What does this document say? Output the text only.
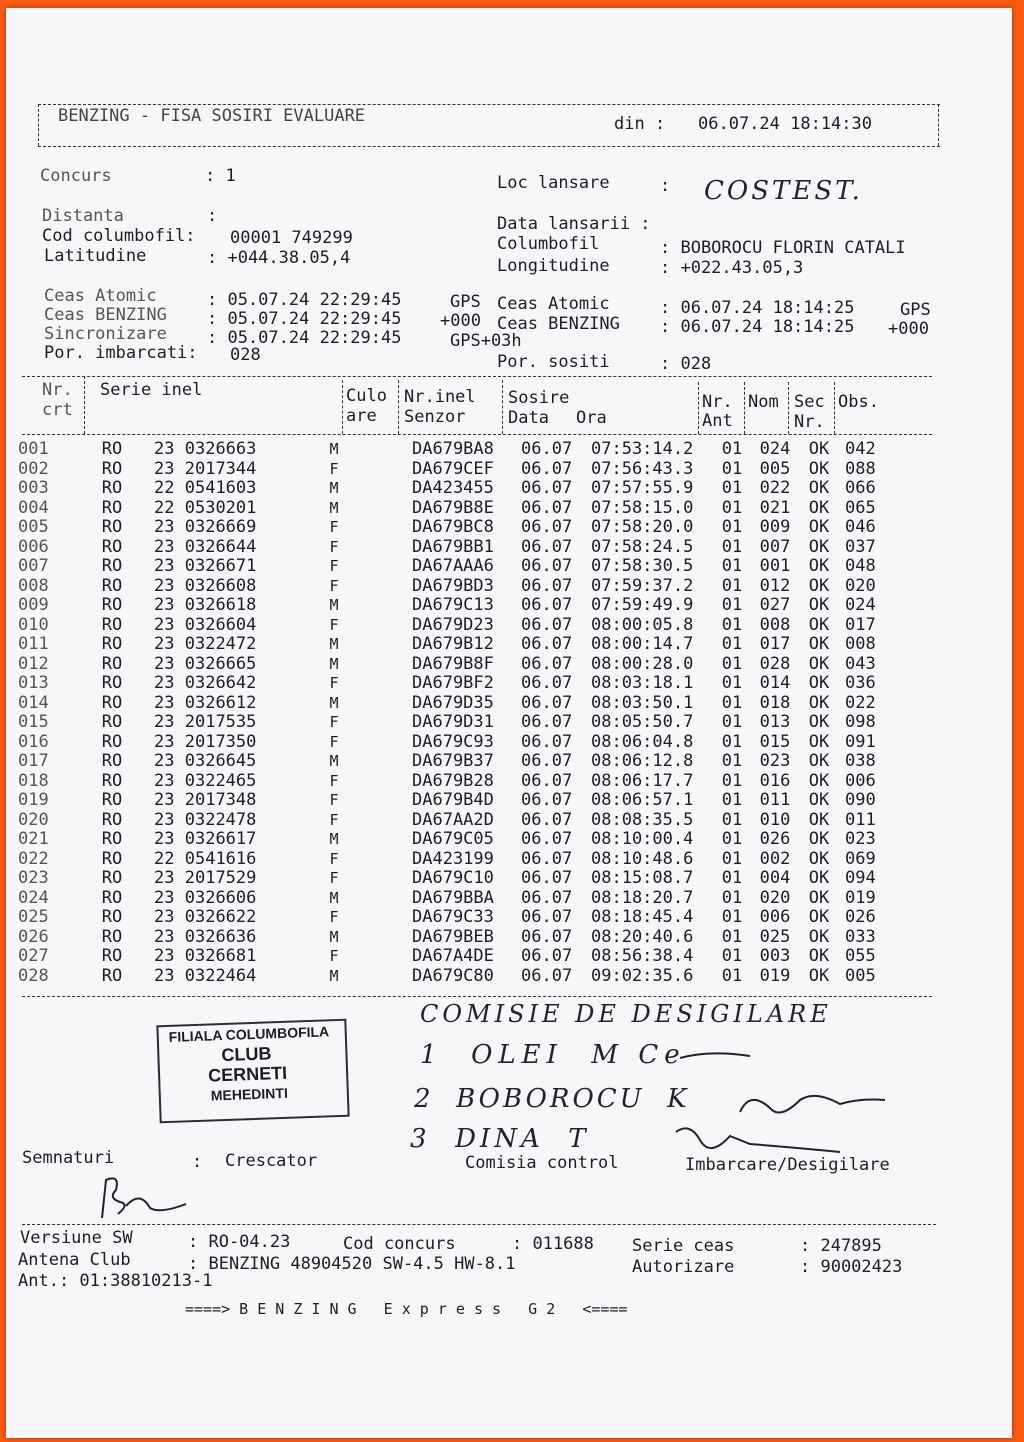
BENZING - FISA SOSIRI EVALUARE	din : 06.07.24 18:14:30
Concurs	: 1
Distanta	:
Cod columbofil: 00001 749299
Latitudine	: +044.38.05,4
Loc lansare	: COSTEST.
Data lansarii :
Columbofil	: BOBOROCU FLORIN CATALI
Longitudine	: +022.43.05,3
Ceas Atomic	: 05.07.24 22:29:45	GPS
Ceas BENZING : 05.07.24 22:29:45 +000
Sincronizare : 05.07.24 22:29:45	GPS+03h
Por. imbarcati: 028
Ceas Atomic	: 06.07.24 18:14:25	GPS
Ceas BENZING : 06.07.24 18:14:25 +000
Por. sositi	: 028
Nr.
crt
Serie inel	Culo
are
Nr.inel
Senzor
Sosire
Data Ora
Nr.
Ant
Nom Sec
Nr.
Obs.
001	RO	23 0326663	M		DA679BA8	06.07	07:53:14.2	01	024	OK	042
002	RO	23 2017344	F		DA679CEF	06.07	07:56:43.3	01	005	OK	088
003	RO	22 0541603	M		DA423455	06.07	07:57:55.9	01	022	OK	066
004	RO	22 0530201	M		DA679B8E	06.07	07:58:15.0	01	021	OK	065
005	RO	23 0326669	F		DA679BC8	06.07	07:58:20.0	01	009	OK	046
006	RO	23 0326644	F		DA679BB1	06.07	07:58:24.5	01	007	OK	037
007	RO	23 0326671	F		DA67AAA6	06.07	07:58:30.5	01	001	OK	048
008	RO	23 0326608	F		DA679BD3	06.07	07:59:37.2	01	012	OK	020
009	RO	23 0326618	M		DA679C13	06.07	07:59:49.9	01	027	OK	024
010	RO	23 0326604	F		DA679D23	06.07	08:00:05.8	01	008	OK	017
011	RO	23 0322472	M		DA679B12	06.07	08:00:14.7	01	017	OK	008
012	RO	23 0326665	M		DA679B8F	06.07	08:00:28.0	01	028	OK	043
013	RO	23 0326642	F		DA679BF2	06.07	08:03:18.1	01	014	OK	036
014	RO	23 0326612	M		DA679D35	06.07	08:03:50.1	01	018	OK	022
015	RO	23 2017535	F		DA679D31	06.07	08:05:50.7	01	013	OK	098
016	RO	23 2017350	F		DA679C93	06.07	08:06:04.8	01	015	OK	091
017	RO	23 0326645	M		DA679B37	06.07	08:06:12.8	01	023	OK	038
018	RO	23 0322465	F		DA679B28	06.07	08:06:17.7	01	016	OK	006
019	RO	23 2017348	F		DA679B4D	06.07	08:06:57.1	01	011	OK	090
020	RO	23 0322478	F		DA67AA2D	06.07	08:08:35.5	01	010	OK	011
021	RO	23 0326617	M		DA679C05	06.07	08:10:00.4	01	026	OK	023
022	RO	22 0541616	F		DA423199	06.07	08:10:48.6	01	002	OK	069
023	RO	23 2017529	F		DA679C10	06.07	08:15:08.7	01	004	OK	094
024	RO	23 0326606	M		DA679BBA	06.07	08:18:20.7	01	020	OK	019
025	RO	23 0326622	F		DA679C33	06.07	08:18:45.4	01	006	OK	026
026	RO	23 0326636	M		DA679BEB	06.07	08:20:40.6	01	025	OK	033
027	RO	23 0326681	F		DA67A4DE	06.07	08:56:38.4	01	003	OK	055
028	RO	23 0322464	M		DA679C80	06.07	09:02:35.6	01	019	OK	005
COMISIE DE DESIGILARE
1  OLEI  M Ce
2  BOBOROCU  K
3  DINA  T
FILIALA COLUMBOFILA
CLUB
CERNETI
MEHEDINTI
Semnaturi	: Crescator	Comisia control	Imbarcare/Desigilare
Versiune SW	: RO-04.23	Cod concurs	: 011688 Serie ceas	: 247895
Antena Club	: BENZING 48904520 SW-4.5 HW-8.1	Autorizare	: 90002423
Ant.: 01:38810213-1
====> B E N Z I N G   E x p r e s s   G 2   <====
